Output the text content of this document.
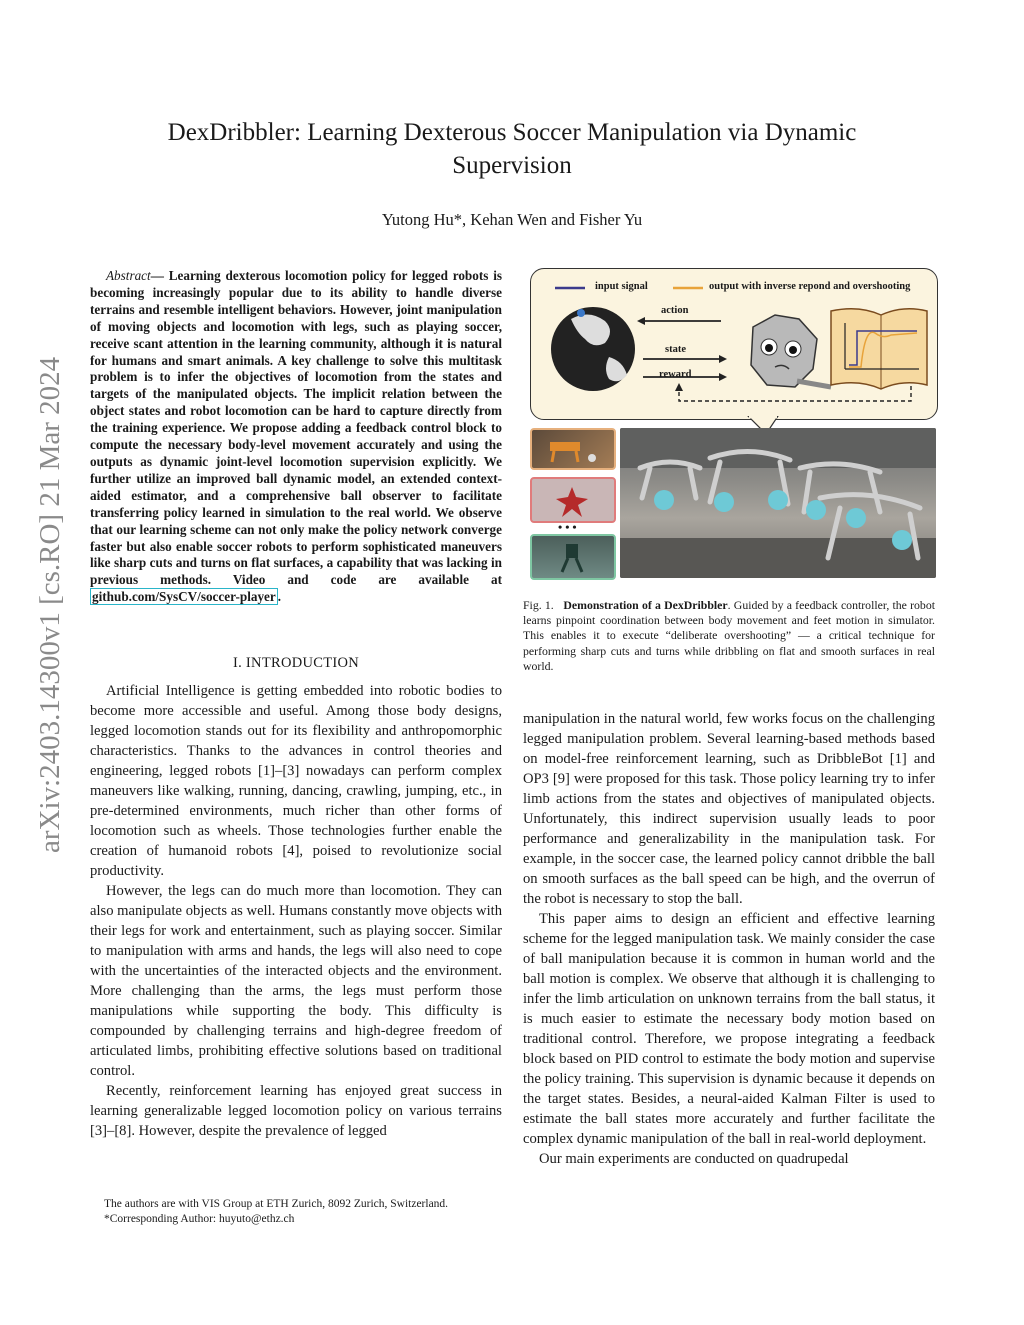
arXiv:2403.14300v1 [cs.RO] 21 Mar 2024
DexDribbler: Learning Dexterous Soccer Manipulation via Dynamic
Supervision
Yutong Hu*, Kehan Wen and Fisher Yu
Abstract— Learning dexterous locomotion policy for legged robots is becoming increasingly popular due to its ability to handle diverse terrains and resemble intelligent behaviors. However, joint manipulation of moving objects and locomotion with legs, such as playing soccer, receive scant attention in the learning community, although it is natural for humans and smart animals. A key challenge to solve this multitask problem is to infer the objectives of locomotion from the states and targets of the manipulated objects. The implicit relation between the object states and robot locomotion can be hard to capture directly from the training experience. We propose adding a feedback control block to compute the necessary body-level movement accurately and using the outputs as dynamic joint-level locomotion supervision explicitly. We further utilize an improved ball dynamic model, an extended context-aided estimator, and a comprehensive ball observer to facilitate transferring policy learned in simulation to the real world. We observe that our learning scheme can not only make the policy network converge faster but also enable soccer robots to perform sophisticated maneuvers like sharp cuts and turns on flat surfaces, a capability that was lacking in previous methods. Video and code are available at github.com/SysCV/soccer-player .
I. INTRODUCTION

Artificial Intelligence is getting embedded into robotic bodies to become more accessible and useful. Among those body designs, legged locomotion stands out for its flexibility and anthropomorphic characteristics. Thanks to the advances in control theories and engineering, legged robots [1]–[3] nowadays can perform complex maneuvers like walking, running, dancing, crawling, jumping, etc., in pre-determined environments, much richer than other forms of locomotion such as wheels. Those technologies further enable the creation of humanoid robots [4], poised to revolutionize social productivity.

However, the legs can do much more than locomotion. They can also manipulate objects as well. Humans constantly move objects with their legs for work and entertainment, such as playing soccer. Similar to manipulation with arms and hands, the legs will also need to cope with the uncertainties of the interacted objects and the environment. More challenging than the arms, the legs must perform those manipulations while supporting the body. This difficulty is compounded by challenging terrains and high-degree freedom of articulated limbs, prohibiting effective solutions based on traditional control.

Recently, reinforcement learning has enjoyed great success in learning generalizable legged locomotion policy on various terrains [3]–[8]. However, despite the prevalence of legged

The authors are with VIS Group at ETH Zurich, 8092 Zurich, Switzerland.

*Corresponding Author: huyuto@ethz.ch

input signal	output with inverse repond and overshooting
action
state
reward
• • •
Fig. 1. Demonstration of a DexDribbler. Guided by a feedback controller, the robot learns pinpoint coordination between body movement and feet motion in simulator. This enables it to execute “deliberate overshooting” — a critical technique for performing sharp cuts and turns while dribbling on flat and smooth surfaces in real world.

manipulation in the natural world, few works focus on the challenging legged manipulation problem. Several learning-based methods based on model-free reinforcement learning, such as DribbleBot [1] and OP3 [9] were proposed for this task. Those policy learning try to infer limb actions from the states and objectives of manipulated objects. Unfortunately, this indirect supervision usually leads to poor performance and generalizability in the manipulation task. For example, in the soccer case, the learned policy cannot dribble the ball on smooth surfaces as the ball speed can be high, and the overrun of the robot is necessary to stop the ball.

This paper aims to design an efficient and effective learning scheme for the legged manipulation task. We mainly consider the case of ball manipulation because it is common in human world and the ball motion is complex. We observe that although it is challenging to infer the limb articulation on unknown terrains from the ball status, it is much easier to estimate the necessary body motion based on traditional control. Therefore, we propose integrating a feedback block based on PID control to estimate the body motion and supervise the policy training. This supervision is dynamic because it depends on the target states. Besides, a neural-aided Kalman Filter is used to estimate the ball states more accurately and further facilitate the complex dynamic manipulation of the ball in real-world deployment.

Our main experiments are conducted on quadrupedal
